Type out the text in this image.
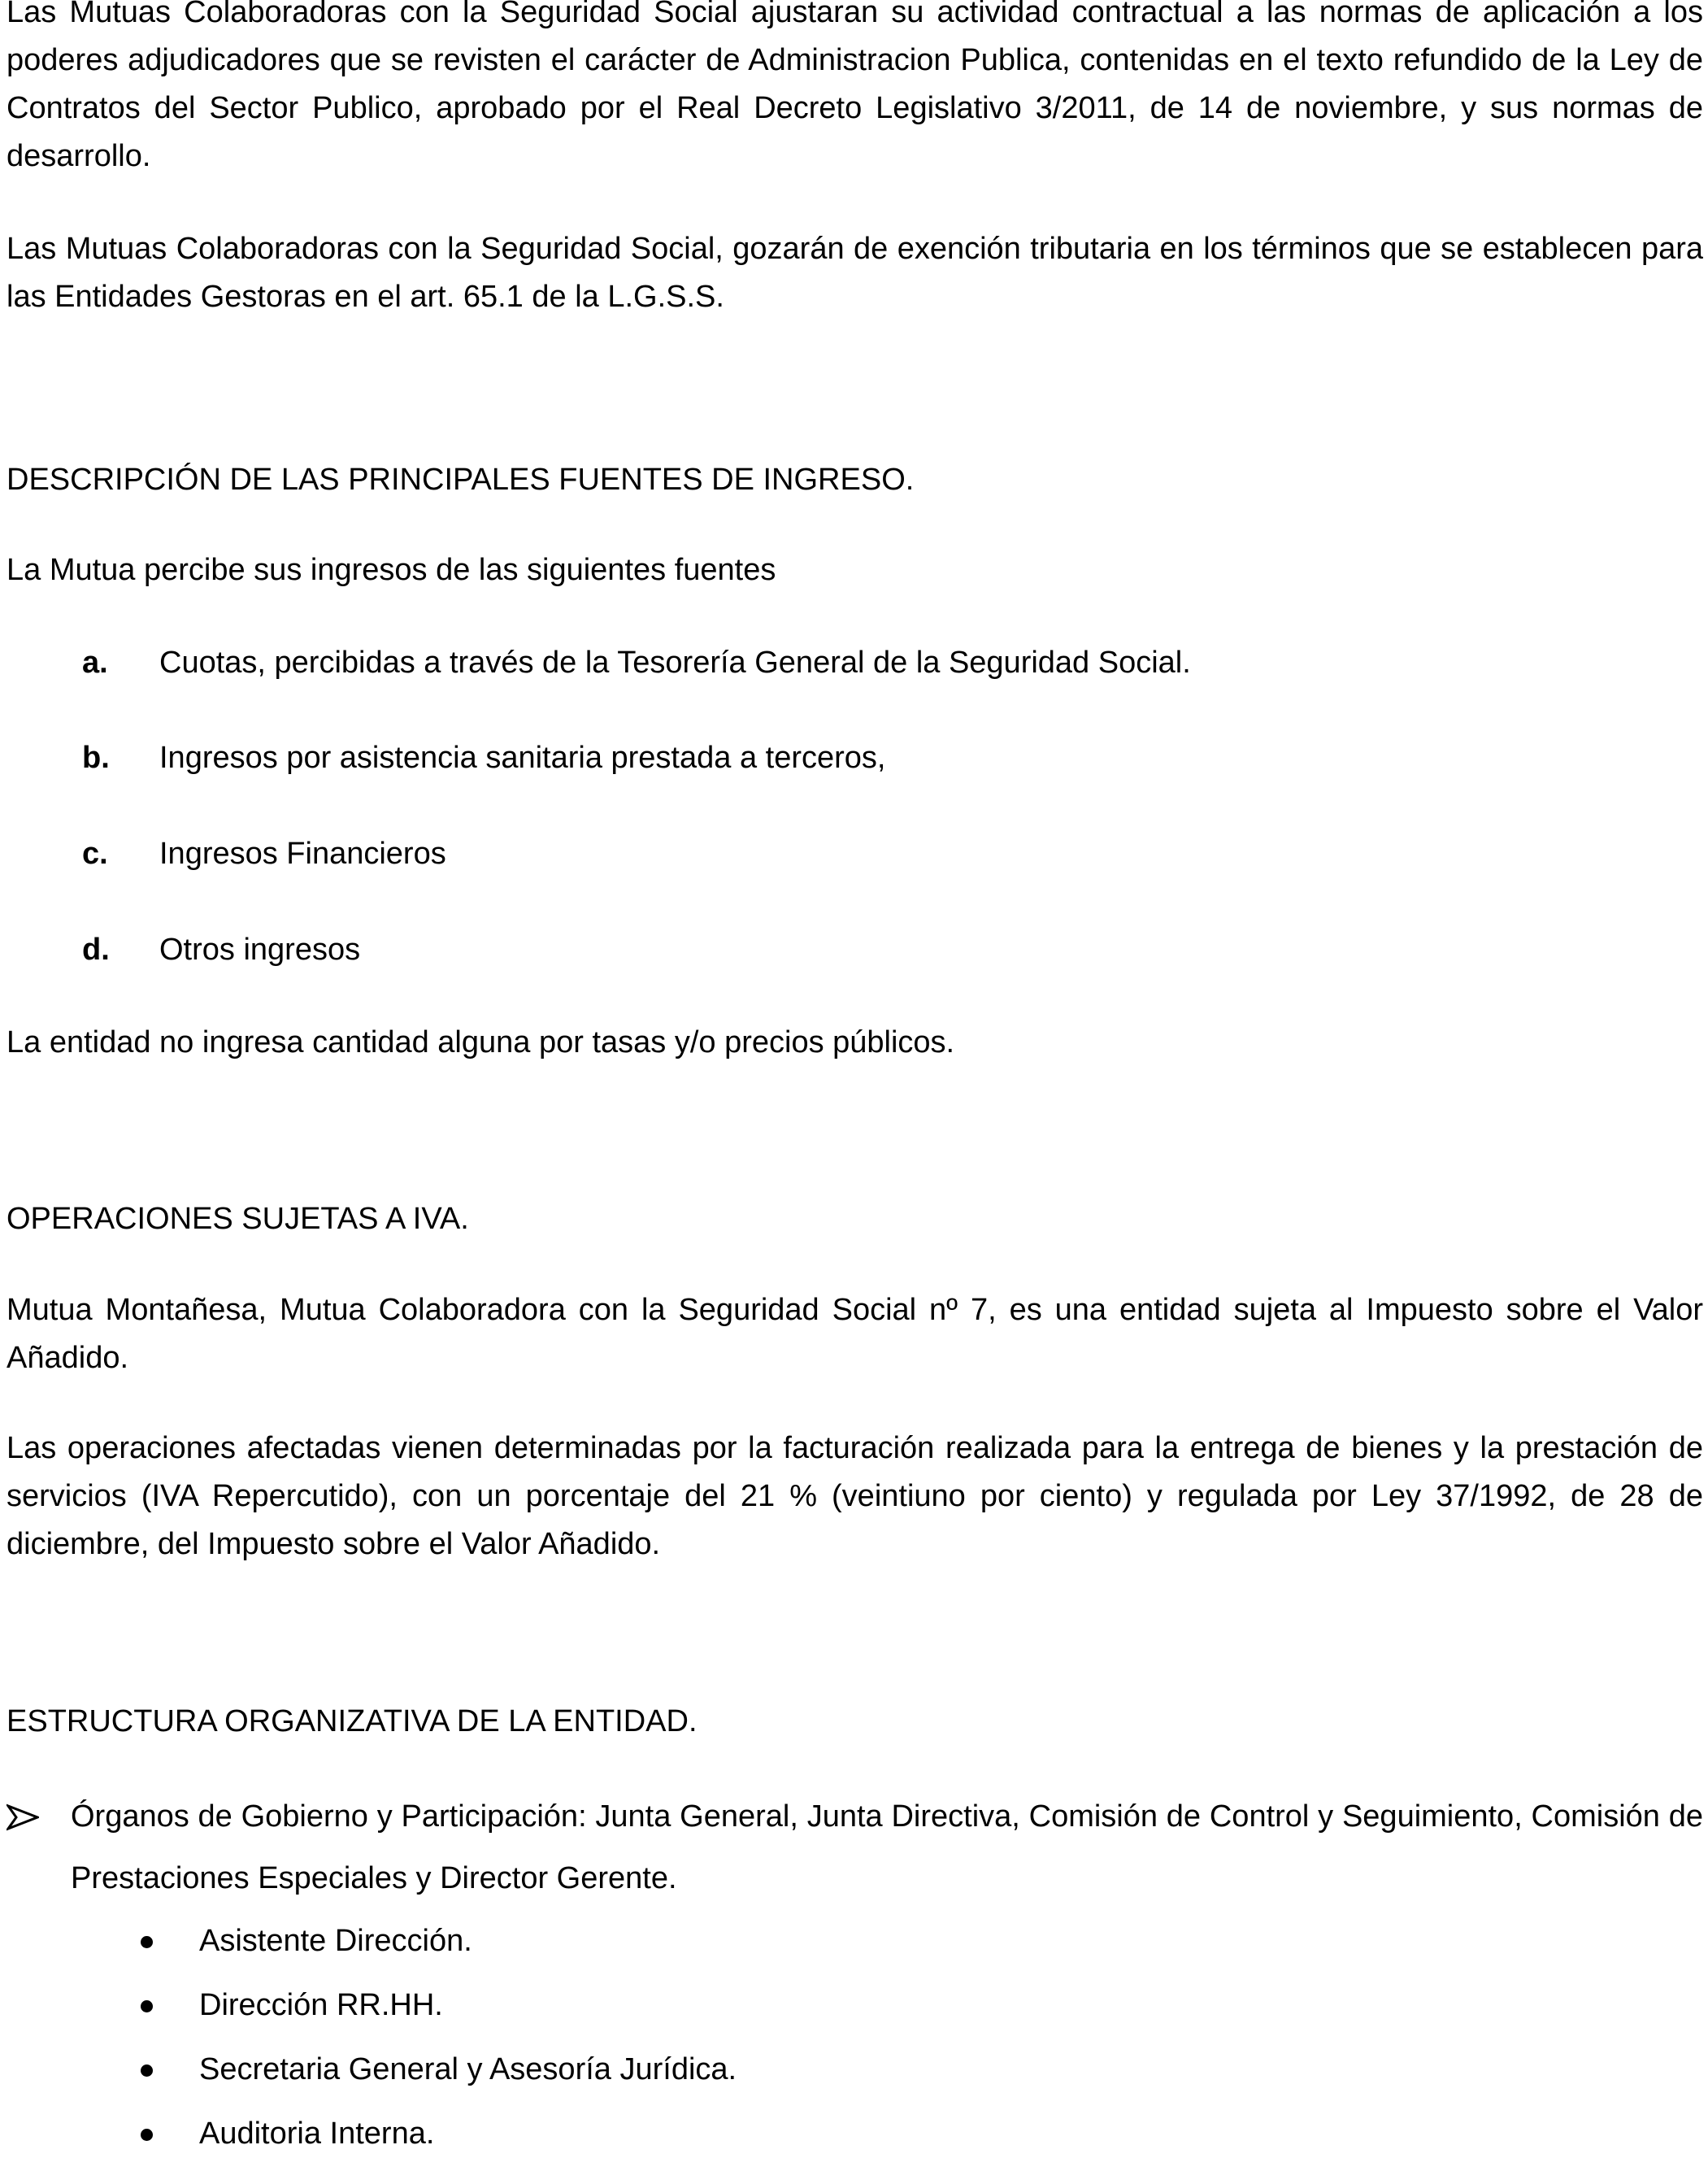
Las Mutuas Colaboradoras con la Seguridad Social ajustaran su actividad contractual a las normas de aplicación a los poderes adjudicadores que se revisten el carácter de Administracion Publica, contenidas en el texto refundido de la Ley de Contratos del Sector Publico, aprobado por el Real Decreto Legislativo 3/2011, de 14 de noviembre, y sus normas de desarrollo.

Las Mutuas Colaboradoras con la Seguridad Social, gozarán de exención tributaria en los términos que se establecen para las Entidades Gestoras en el art. 65.1 de la L.G.S.S.

DESCRIPCIÓN DE LAS PRINCIPALES FUENTES DE INGRESO.

La Mutua percibe sus ingresos de las siguientes fuentes

a. Cuotas, percibidas a través de la Tesorería General de la Seguridad Social.
b. Ingresos por asistencia sanitaria prestada a terceros,
c. Ingresos Financieros
d. Otros ingresos

La entidad no ingresa cantidad alguna por tasas y/o precios públicos.

OPERACIONES SUJETAS A IVA.

Mutua Montañesa, Mutua Colaboradora con la Seguridad Social nº 7, es una entidad sujeta al Impuesto sobre el Valor Añadido.

Las operaciones afectadas vienen determinadas por la facturación realizada para la entrega de bienes y la prestación de servicios (IVA Repercutido), con un porcentaje del 21 % (veintiuno por ciento) y regulada por Ley 37/1992, de 28 de diciembre, del Impuesto sobre el Valor Añadido.

ESTRUCTURA ORGANIZATIVA DE LA ENTIDAD.

Órganos de Gobierno y Participación: Junta General, Junta Directiva, Comisión de Control y Seguimiento, Comisión de Prestaciones Especiales y Director Gerente.

Asistente Dirección.
Dirección RR.HH.
Secretaria General y Asesoría Jurídica.
Auditoria Interna.
